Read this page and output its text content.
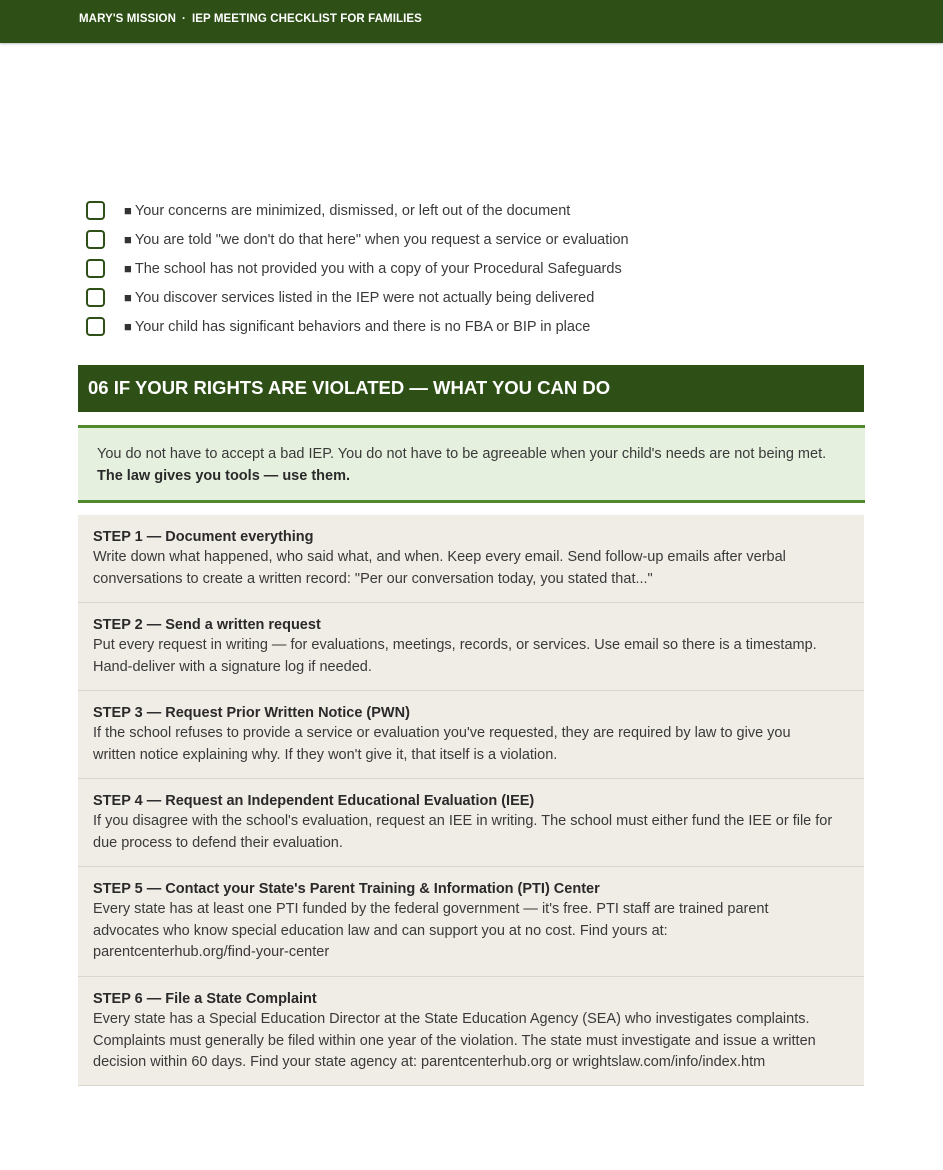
MARY'S MISSION · IEP MEETING CHECKLIST FOR FAMILIES
■ Your concerns are minimized, dismissed, or left out of the document
■ You are told "we don't do that here" when you request a service or evaluation
■ The school has not provided you with a copy of your Procedural Safeguards
■ You discover services listed in the IEP were not actually being delivered
■ Your child has significant behaviors and there is no FBA or BIP in place
06 IF YOUR RIGHTS ARE VIOLATED — WHAT YOU CAN DO
You do not have to accept a bad IEP. You do not have to be agreeable when your child's needs are not being met.
The law gives you tools — use them.
STEP 1 — Document everything
Write down what happened, who said what, and when. Keep every email. Send follow-up emails after verbal
conversations to create a written record: "Per our conversation today, you stated that..."
STEP 2 — Send a written request
Put every request in writing — for evaluations, meetings, records, or services. Use email so there is a timestamp.
Hand-deliver with a signature log if needed.
STEP 3 — Request Prior Written Notice (PWN)
If the school refuses to provide a service or evaluation you've requested, they are required by law to give you
written notice explaining why. If they won't give it, that itself is a violation.
STEP 4 — Request an Independent Educational Evaluation (IEE)
If you disagree with the school's evaluation, request an IEE in writing. The school must either fund the IEE or file for
due process to defend their evaluation.
STEP 5 — Contact your State's Parent Training & Information (PTI) Center
Every state has at least one PTI funded by the federal government — it's free. PTI staff are trained parent
advocates who know special education law and can support you at no cost. Find yours at:
parentcenterhub.org/find-your-center
STEP 6 — File a State Complaint
Every state has a Special Education Director at the State Education Agency (SEA) who investigates complaints.
Complaints must generally be filed within one year of the violation. The state must investigate and issue a written
decision within 60 days. Find your state agency at: parentcenterhub.org or wrightslaw.com/info/index.htm
